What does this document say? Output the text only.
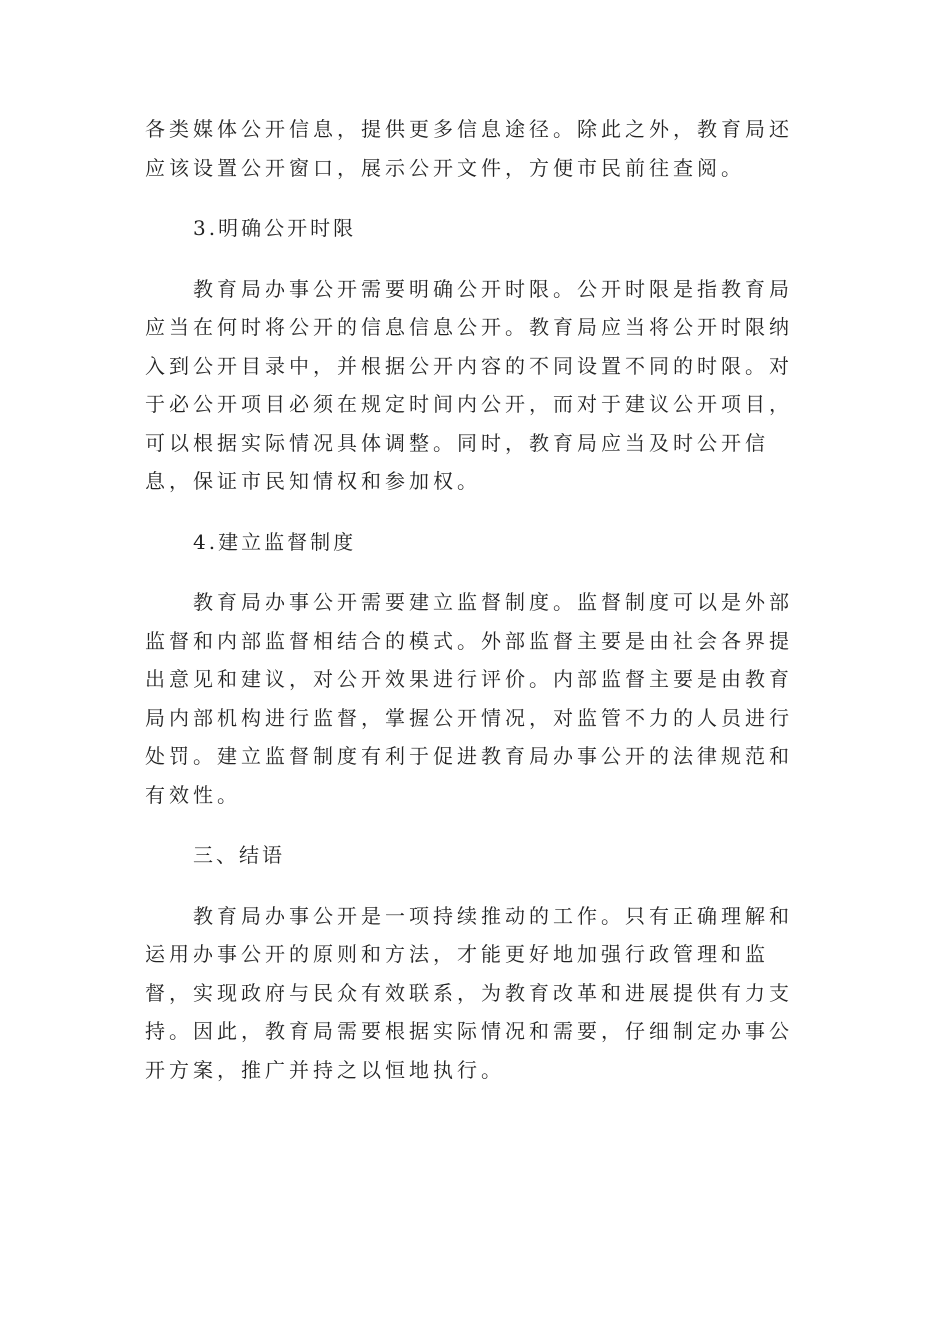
各类媒体公开信息，提供更多信息途径。除此之外，教育局还应该设置公开窗口，展示公开文件，方便市民前往查阅。

3.明确公开时限

教育局办事公开需要明确公开时限。公开时限是指教育局应当在何时将公开的信息信息公开。教育局应当将公开时限纳入到公开目录中，并根据公开内容的不同设置不同的时限。对于必公开项目必须在规定时间内公开，而对于建议公开项目，可以根据实际情况具体调整。同时，教育局应当及时公开信息，保证市民知情权和参加权。

4.建立监督制度

教育局办事公开需要建立监督制度。监督制度可以是外部监督和内部监督相结合的模式。外部监督主要是由社会各界提出意见和建议，对公开效果进行评价。内部监督主要是由教育局内部机构进行监督，掌握公开情况，对监管不力的人员进行处罚。建立监督制度有利于促进教育局办事公开的法律规范和有效性。

三、结语

教育局办事公开是一项持续推动的工作。只有正确理解和运用办事公开的原则和方法，才能更好地加强行政管理和监督，实现政府与民众有效联系，为教育改革和进展提供有力支持。因此，教育局需要根据实际情况和需要，仔细制定办事公开方案，推广并持之以恒地执行。
